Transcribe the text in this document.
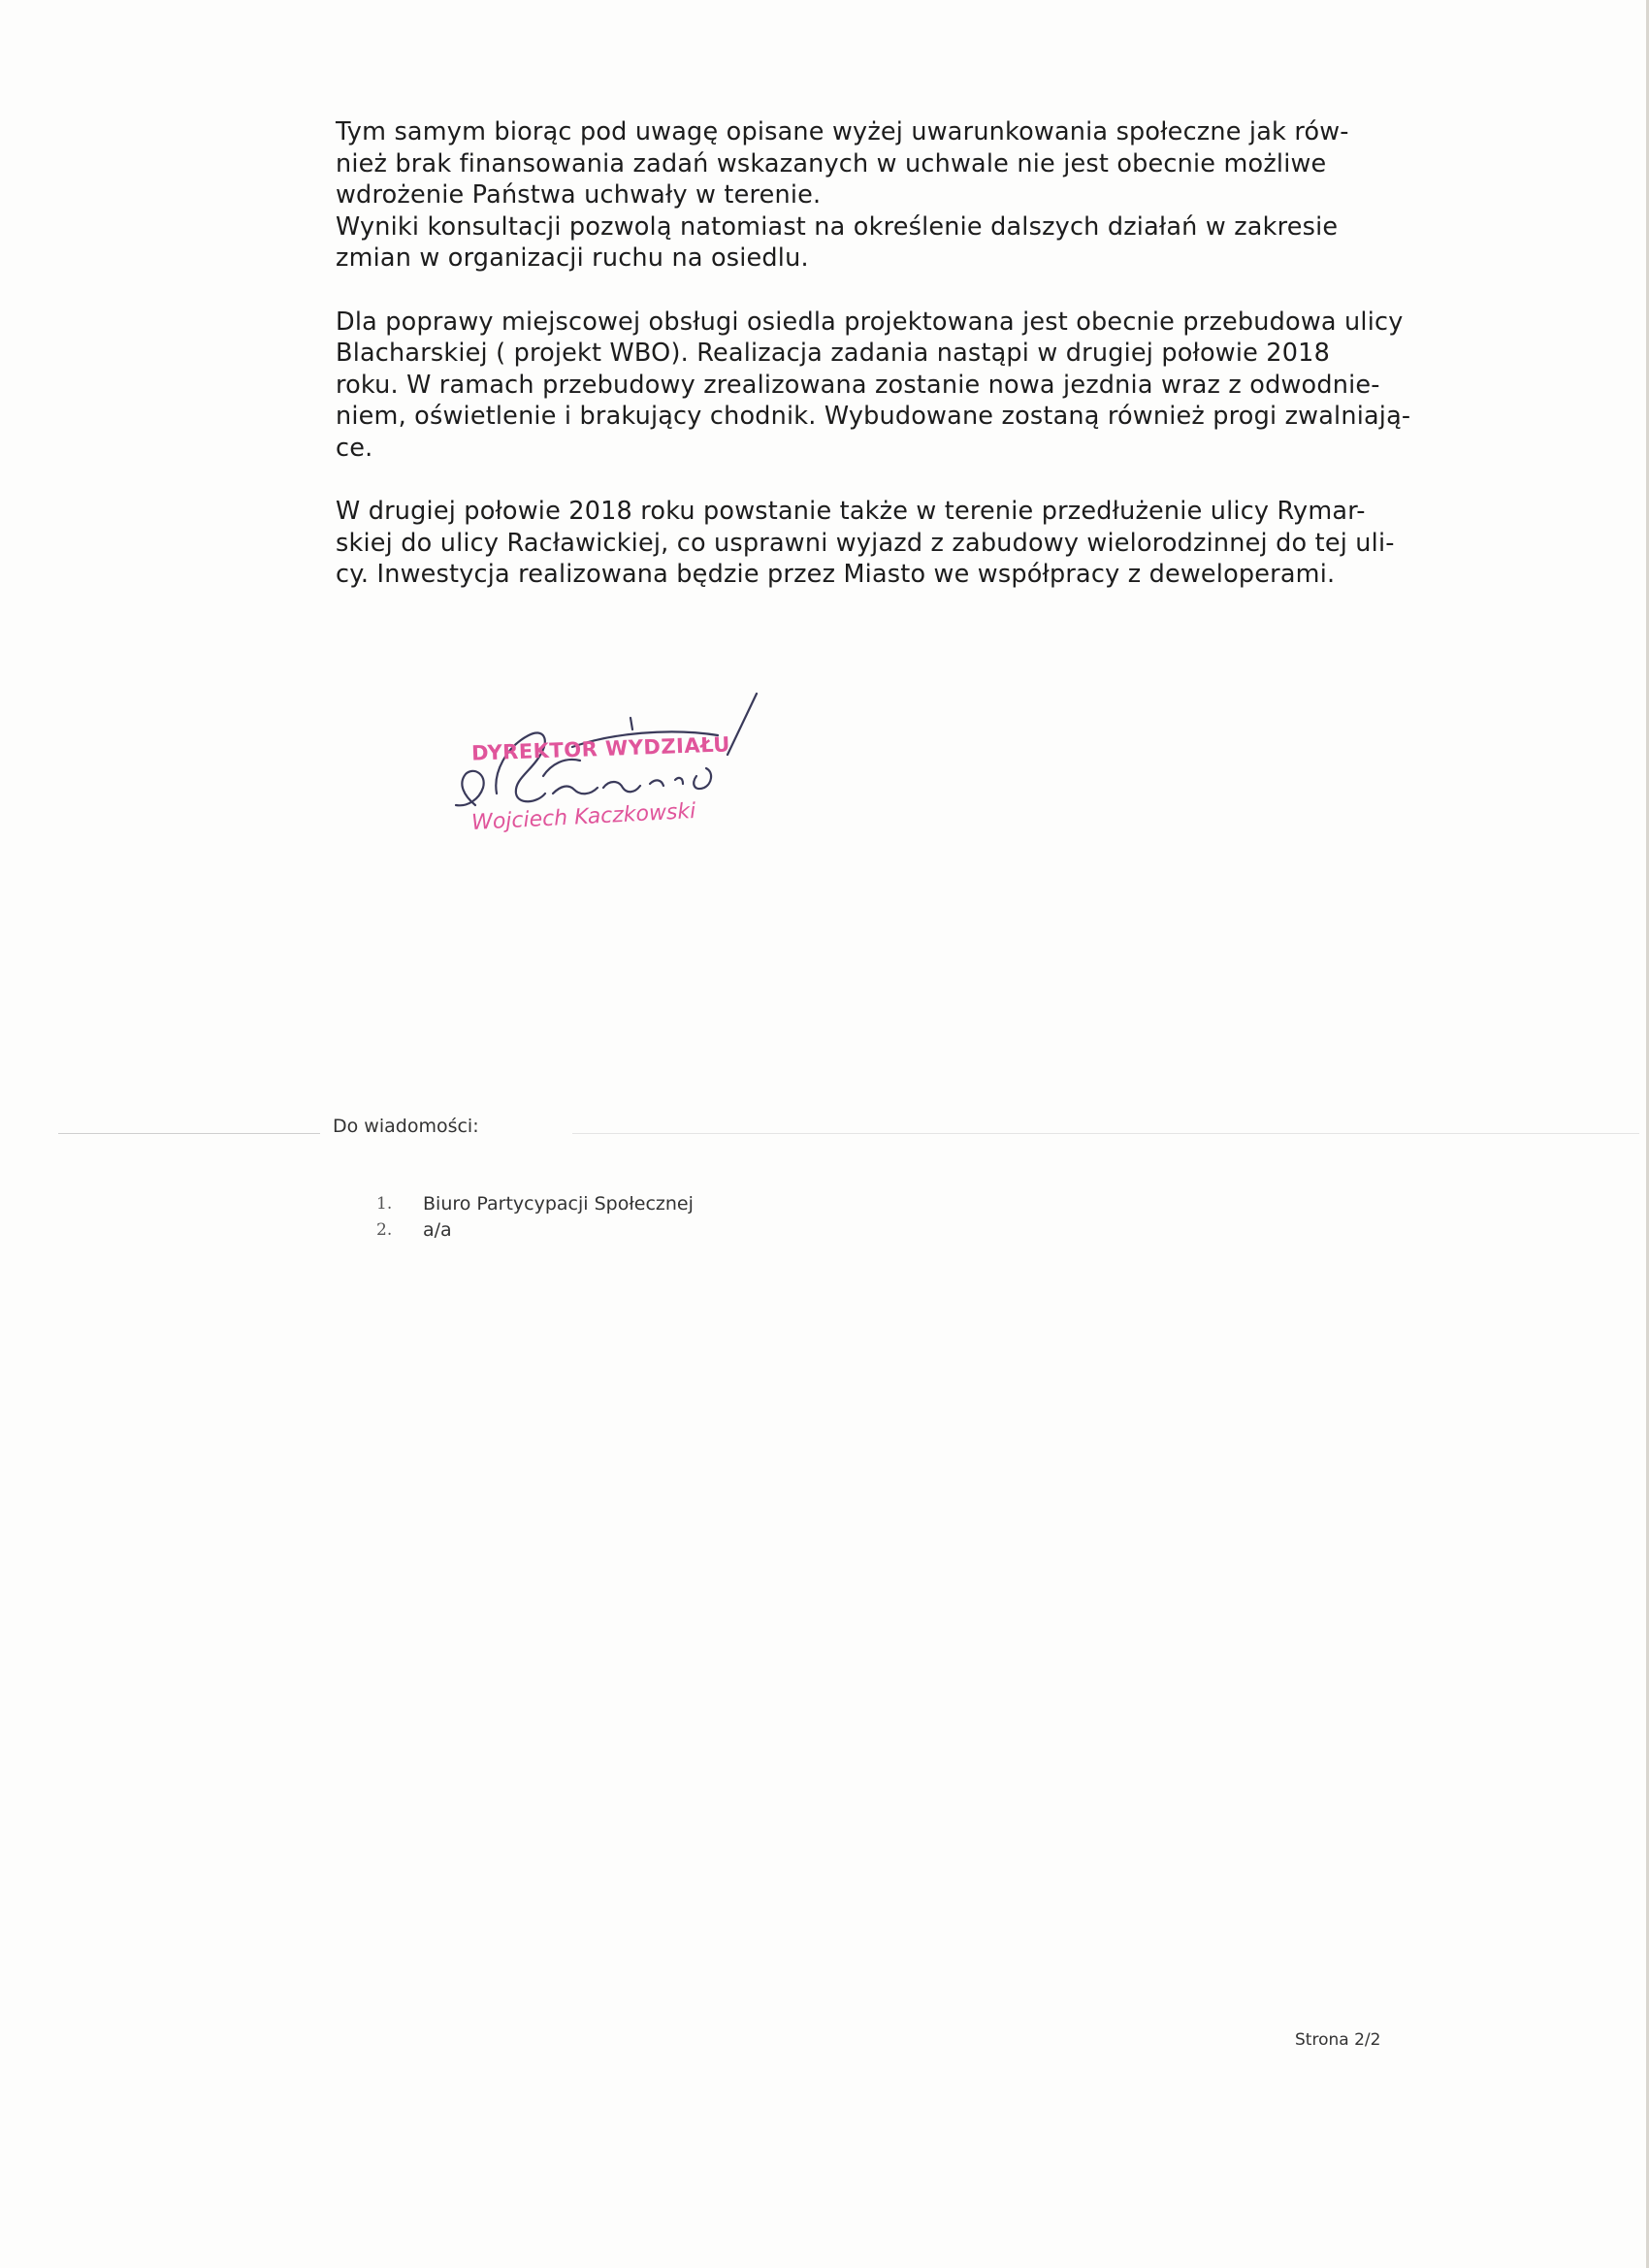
Tym samym biorąc pod uwagę opisane wyżej uwarunkowania społeczne jak rów-
nież brak finansowania zadań wskazanych w uchwale nie jest obecnie możliwe
wdrożenie Państwa uchwały w terenie.
Wyniki konsultacji pozwolą natomiast na określenie dalszych działań w zakresie
zmian w organizacji ruchu na osiedlu.

Dla poprawy miejscowej obsługi osiedla projektowana jest obecnie przebudowa ulicy
Blacharskiej ( projekt WBO). Realizacja zadania nastąpi w drugiej połowie 2018
roku. W ramach przebudowy zrealizowana zostanie nowa jezdnia wraz z odwodnie-
niem, oświetlenie i brakujący chodnik. Wybudowane zostaną również progi zwalniają-
ce.

W drugiej połowie 2018 roku powstanie także w terenie przedłużenie ulicy Rymar-
skiej do ulicy Racławickiej, co usprawni wyjazd z zabudowy wielorodzinnej do tej uli-
cy. Inwestycja realizowana będzie przez Miasto we współpracy z deweloperami.

DYREKTOR WYDZIAŁU
Wojciech Kaczkowski
Do wiadomości:
1.	Biuro Partycypacji Społecznej
2.	a/a
Strona 2/2
